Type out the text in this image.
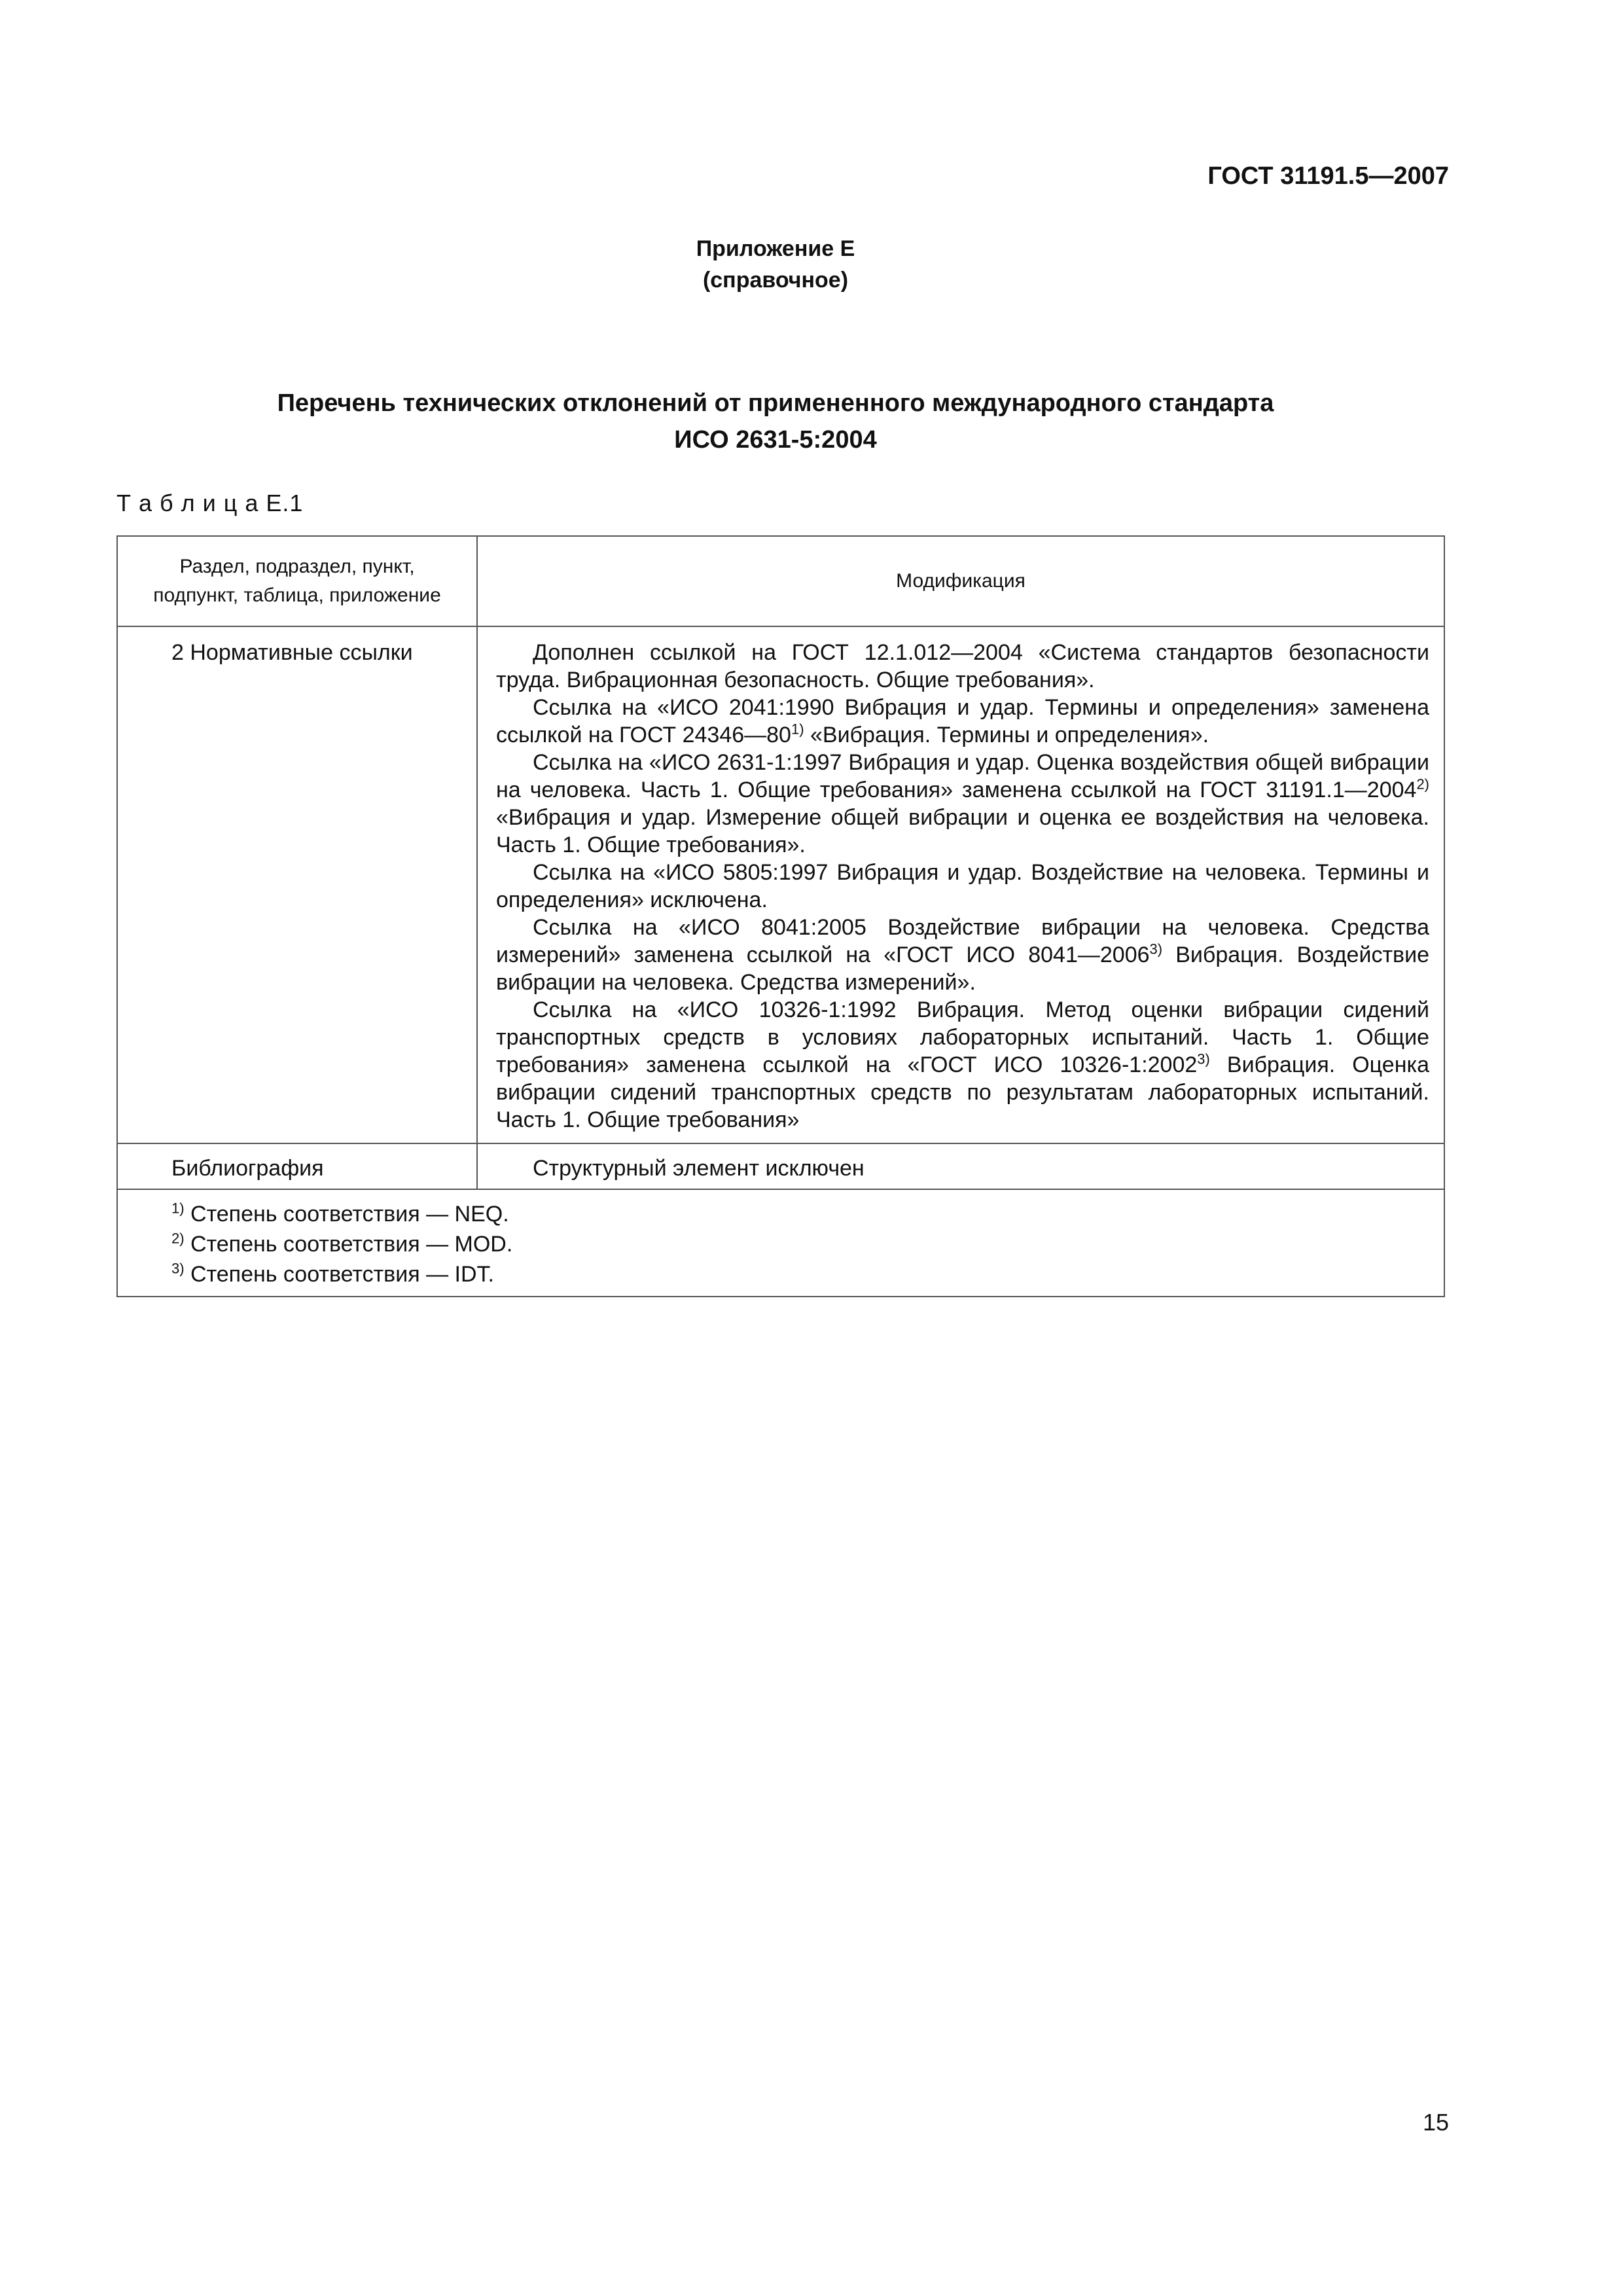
ГОСТ 31191.5—2007
Приложение Е
(справочное)
Перечень технических отклонений от примененного международного стандарта
ИСО 2631-5:2004
Т а б л и ц а Е.1
Раздел, подраздел, пункт,
подпункт, таблица, приложение
Модификация
2 Нормативные ссылки	Дополнен ссылкой на ГОСТ 12.1.012—2004 «Система стандартов безопасности труда. Вибрационная безопасность. Общие требования».

Ссылка на «ИСО 2041:1990 Вибрация и удар. Термины и определения» заменена ссылкой на ГОСТ 24346—80$^{1)}$ «Вибрация. Термины и определения».

Ссылка на «ИСО 2631-1:1997 Вибрация и удар. Оценка воздействия общей вибрации на человека. Часть 1. Общие требования» заменена ссылкой на ГОСТ 31191.1—2004$^{2)}$ «Вибрация и удар. Измерение общей вибрации и оценка ее воздействия на человека. Часть 1. Общие требования».

Ссылка на «ИСО 5805:1997 Вибрация и удар. Воздействие на человека. Термины и определения» исключена.

Ссылка на «ИСО 8041:2005 Воздействие вибрации на человека. Средства измерений» заменена ссылкой на «ГОСТ ИСО 8041—2006$^{3)}$ Вибрация. Воздействие вибрации на человека. Средства измерений».

Ссылка на «ИСО 10326-1:1992 Вибрация. Метод оценки вибрации сидений транспортных средств в условиях лабораторных испытаний. Часть 1. Общие требования» заменена ссылкой на «ГОСТ ИСО 10326-1:2002$^{3)}$ Вибрация. Оценка вибрации сидений транспортных средств по результатам лабораторных испытаний. Часть 1. Общие требования»

Библиография	Структурный элемент исключен
$^{1)}$ Степень соответствия — NEQ.
$^{2)}$ Степень соответствия — MOD.
$^{3)}$ Степень соответствия — IDT.
15
